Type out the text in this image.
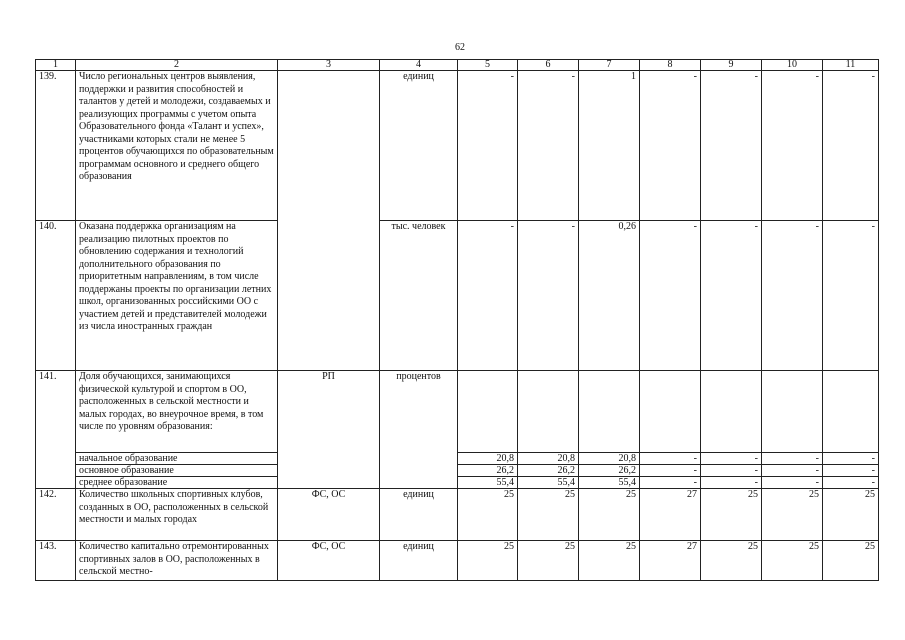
62
1	2	3	4	5	6	7	8	9	10	11
139.	Число региональных центров выявления, поддержки и развития способностей и талантов у детей и молодежи, создаваемых и реализующих программы с учетом опыта Образовательного фонда «Талант и успех», участниками которых стали не менее 5 процентов обучающихся по образовательным программам основного и среднего общего образования		единиц	-	-	1	-	-	-	-
140.	Оказана поддержка организациям на реализацию пилотных проектов по обновлению содержания и технологий дополнительного образования по приоритетным направлениям, в том числе поддержаны проекты по организации летних школ, организованных российскими ОО с участием детей и представителей молодежи из числа иностранных граждан		тыс. человек	-	-	0,26	-	-	-	-
141.	Доля обучающихся, занимающихся физической культурой и спортом в ОО, расположенных в сельской местности и малых городах, во внеурочное время, в том числе по уровням образования:	РП	процентов							
	начальное образование			20,8	20,8	20,8	-	-	-	-
	основное образование			26,2	26,2	26,2	-	-	-	-
	среднее образование			55,4	55,4	55,4	-	-	-	-
142.	Количество школьных спортивных клубов, созданных в ОО, расположенных в сельской местности и малых городах	ФС, ОС	единиц	25	25	25	27	25	25	25
143.	Количество капитально отремонтированных спортивных залов в ОО, расположенных в сельской местно-	ФС, ОС	единиц	25	25	25	27	25	25	25
